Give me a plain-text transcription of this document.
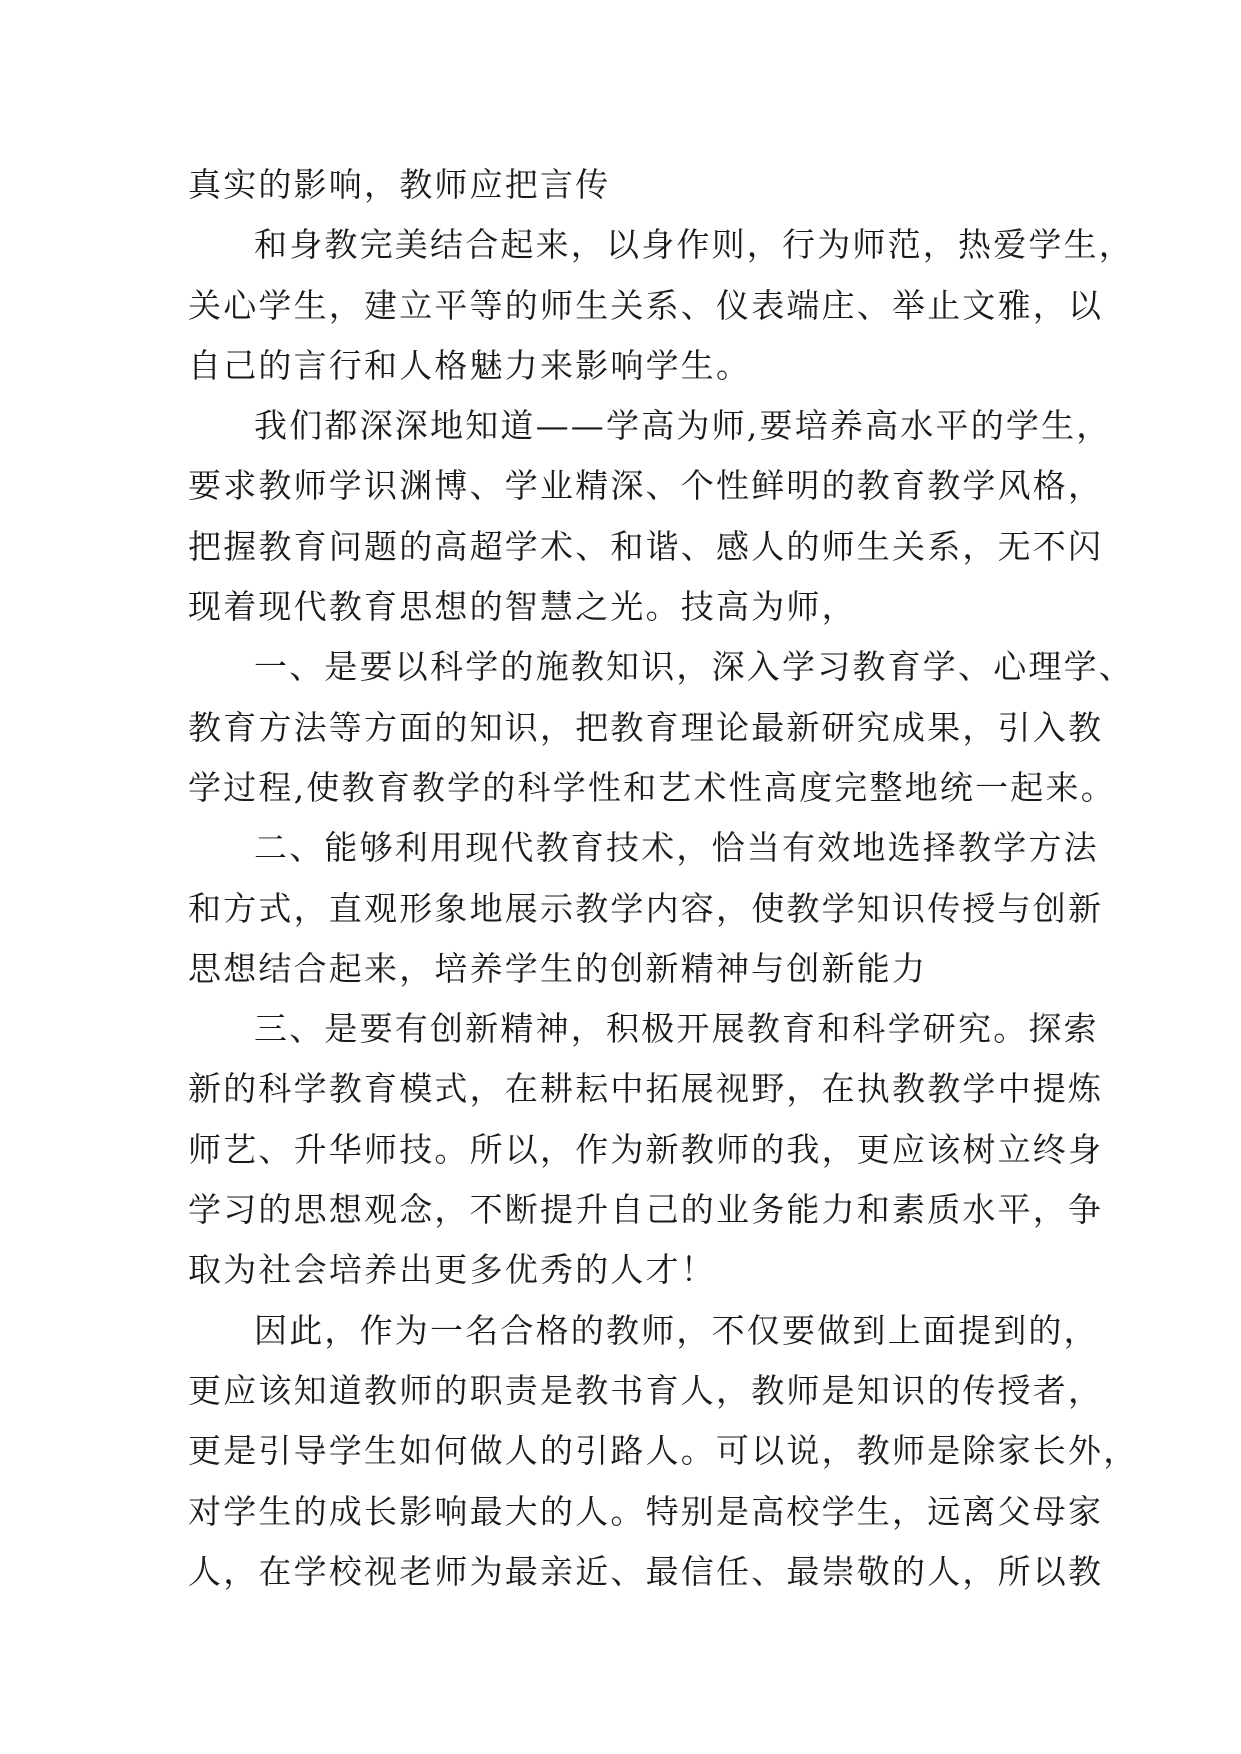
真实的影响，教师应把言传

和身教完美结合起来，以身作则，行为师范，热爱学生，
关心学生，建立平等的师生关系、仪表端庄、举止文雅，以
自己的言行和人格魅力来影响学生。

我们都深深地知道——学高为师,要培养高水平的学生，
要求教师学识渊博、学业精深、个性鲜明的教育教学风格，
把握教育问题的高超学术、和谐、感人的师生关系，无不闪
现着现代教育思想的智慧之光。技高为师，

一、是要以科学的施教知识，深入学习教育学、心理学、
教育方法等方面的知识，把教育理论最新研究成果，引入教
学过程,使教育教学的科学性和艺术性高度完整地统一起来。

二、能够利用现代教育技术，恰当有效地选择教学方法
和方式，直观形象地展示教学内容，使教学知识传授与创新
思想结合起来，培养学生的创新精神与创新能力

三、是要有创新精神，积极开展教育和科学研究。探索
新的科学教育模式，在耕耘中拓展视野，在执教教学中提炼
师艺、升华师技。所以，作为新教师的我，更应该树立终身
学习的思想观念，不断提升自己的业务能力和素质水平，争
取为社会培养出更多优秀的人才！

因此，作为一名合格的教师，不仅要做到上面提到的，
更应该知道教师的职责是教书育人，教师是知识的传授者，
更是引导学生如何做人的引路人。可以说，教师是除家长外，
对学生的成长影响最大的人。特别是高校学生，远离父母家
人，在学校视老师为最亲近、最信任、最崇敬的人，所以教
